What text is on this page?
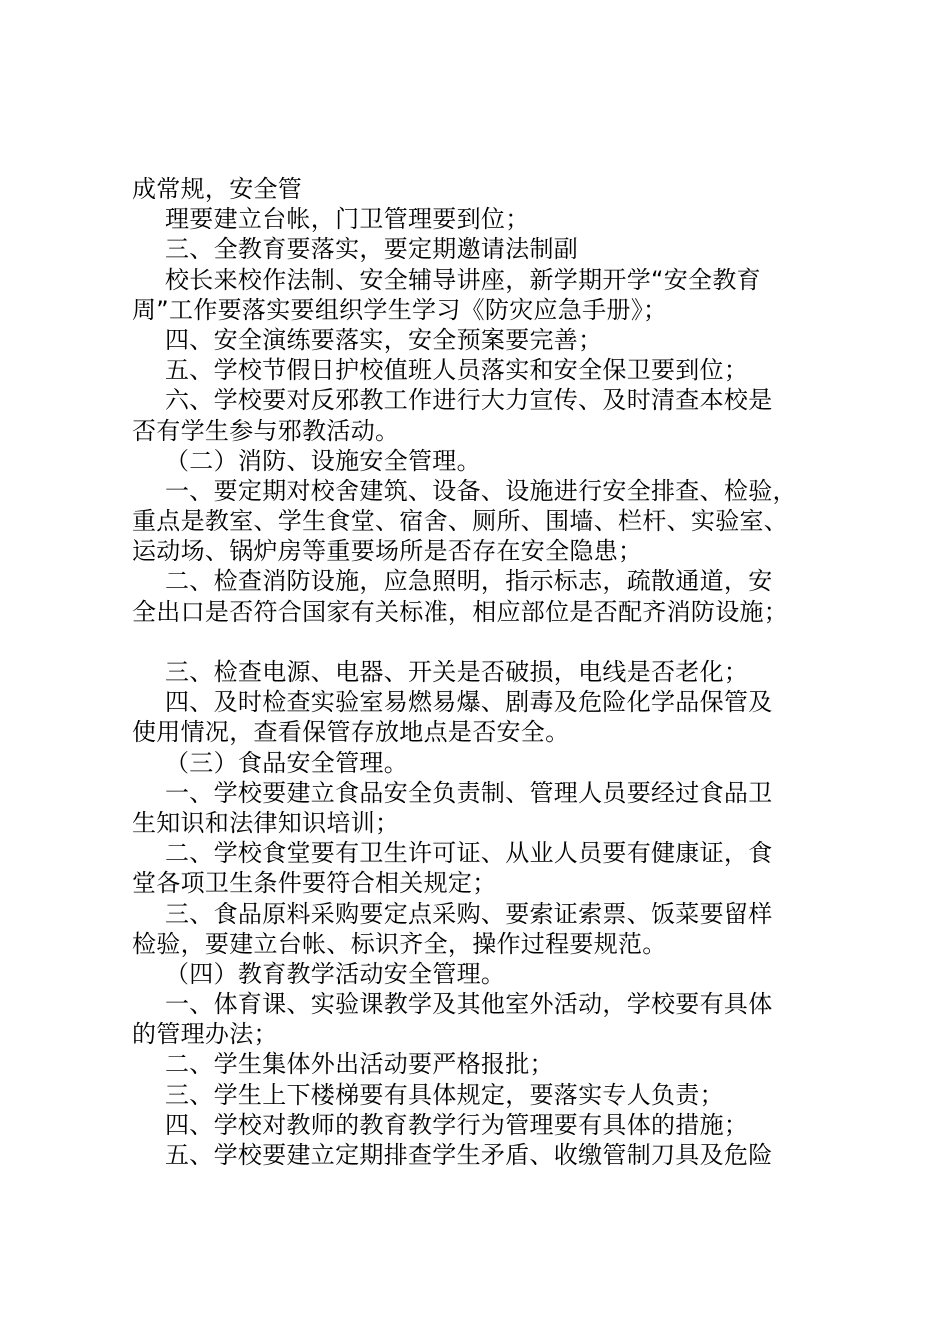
成常规，安全管
理要建立台帐，门卫管理要到位；
三、全教育要落实，要定期邀请法制副
校长来校作法制、安全辅导讲座，新学期开学“安全教育
周”工作要落实要组织学生学习《防灾应急手册》；
四、安全演练要落实，安全预案要完善；
五、学校节假日护校值班人员落实和安全保卫要到位；
六、学校要对反邪教工作进行大力宣传、及时清查本校是
否有学生参与邪教活动。
（二）消防、设施安全管理。
一、要定期对校舍建筑、设备、设施进行安全排查、检验，
重点是教室、学生食堂、宿舍、厕所、围墙、栏杆、实验室、
运动场、锅炉房等重要场所是否存在安全隐患；
二、检查消防设施，应急照明，指示标志，疏散通道，安
全出口是否符合国家有关标准，相应部位是否配齐消防设施；
三、检查电源、电器、开关是否破损，电线是否老化；
四、及时检查实验室易燃易爆、剧毒及危险化学品保管及
使用情况，查看保管存放地点是否安全。
（三）食品安全管理。
一、学校要建立食品安全负责制、管理人员要经过食品卫
生知识和法律知识培训；
二、学校食堂要有卫生许可证、从业人员要有健康证，食
堂各项卫生条件要符合相关规定；
三、食品原料采购要定点采购、要索证索票、饭菜要留样
检验，要建立台帐、标识齐全，操作过程要规范。
（四）教育教学活动安全管理。
一、体育课、实验课教学及其他室外活动，学校要有具体
的管理办法；
二、学生集体外出活动要严格报批；
三、学生上下楼梯要有具体规定，要落实专人负责；
四、学校对教师的教育教学行为管理要有具体的措施；
五、学校要建立定期排查学生矛盾、收缴管制刀具及危险
